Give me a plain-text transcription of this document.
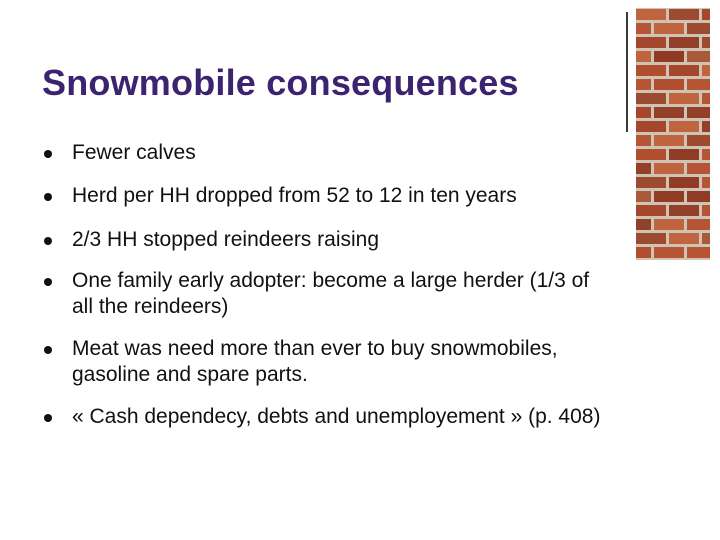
Snowmobile consequences
Fewer calves
Herd per HH dropped from 52 to 12 in ten years
2/3 HH stopped reindeers raising
One family early adopter: become a large herder (1/3 of all the reindeers)
Meat was need more than ever to buy snowmobiles, gasoline and spare parts.
« Cash dependecy, debts and unemployement » (p. 408)
